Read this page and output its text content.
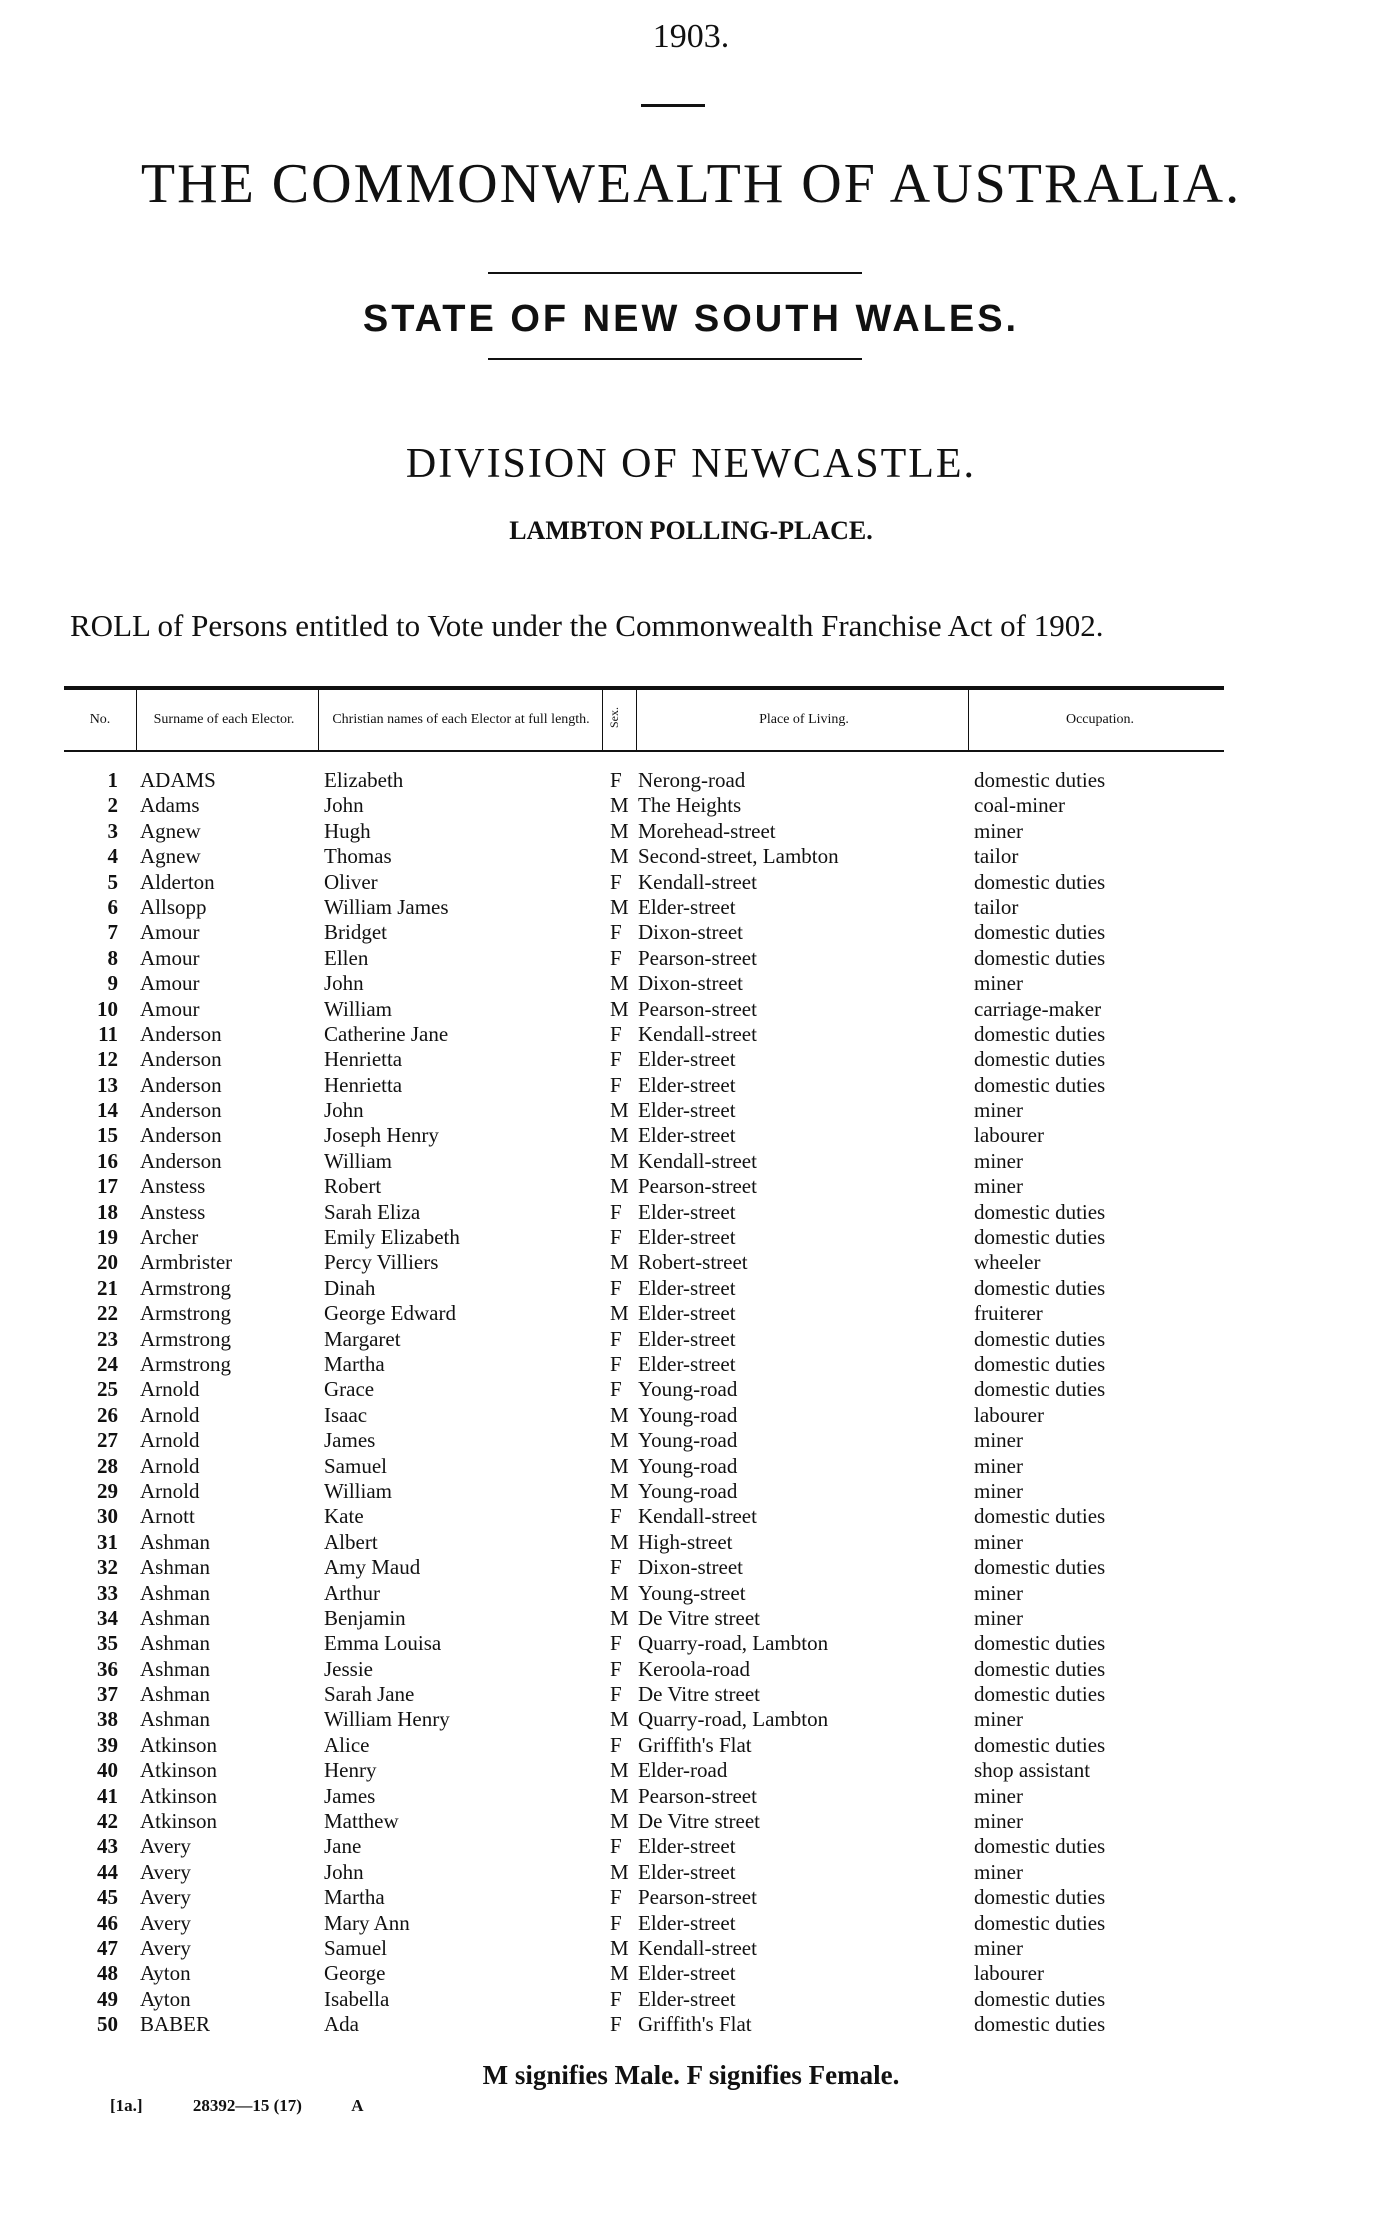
1903.
THE COMMONWEALTH OF AUSTRALIA.
STATE OF NEW SOUTH WALES.
DIVISION OF NEWCASTLE.
LAMBTON POLLING-PLACE.
ROLL of Persons entitled to Vote under the Commonwealth Franchise Act of 1902.
No.	Surname of each Elector.	Christian names of each Elector at full length.	Sex.	Place of Living.	Occupation.
1 ADAMS	Elizabeth	F Nerong-road	domestic duties
2 Adams	John	M The Heights	coal-miner
3 Agnew	Hugh	M Morehead-street	miner
4 Agnew	Thomas	M Second-street, Lambton	tailor
5 Alderton	Oliver	F Kendall-street	domestic duties
6 Allsopp	William James	M Elder-street	tailor
7 Amour	Bridget	F Dixon-street	domestic duties
8 Amour	Ellen	F Pearson-street	domestic duties
9 Amour	John	M Dixon-street	miner
10 Amour	William	M Pearson-street	carriage-maker
11 Anderson	Catherine Jane	F Kendall-street	domestic duties
12 Anderson	Henrietta	F Elder-street	domestic duties
13 Anderson	Henrietta	F Elder-street	domestic duties
14 Anderson	John	M Elder-street	miner
15 Anderson	Joseph Henry	M Elder-street	labourer
16 Anderson	William	M Kendall-street	miner
17 Anstess	Robert	M Pearson-street	miner
18 Anstess	Sarah Eliza	F Elder-street	domestic duties
19 Archer	Emily Elizabeth	F Elder-street	domestic duties
20 Armbrister	Percy Villiers	M Robert-street	wheeler
21 Armstrong	Dinah	F Elder-street	domestic duties
22 Armstrong	George Edward	M Elder-street	fruiterer
23 Armstrong	Margaret	F Elder-street	domestic duties
24 Armstrong	Martha	F Elder-street	domestic duties
25 Arnold	Grace	F Young-road	domestic duties
26 Arnold	Isaac	M Young-road	labourer
27 Arnold	James	M Young-road	miner
28 Arnold	Samuel	M Young-road	miner
29 Arnold	William	M Young-road	miner
30 Arnott	Kate	F Kendall-street	domestic duties
31 Ashman	Albert	M High-street	miner
32 Ashman	Amy Maud	F Dixon-street	domestic duties
33 Ashman	Arthur	M Young-street	miner
34 Ashman	Benjamin	M De Vitre street	miner
35 Ashman	Emma Louisa	F Quarry-road, Lambton	domestic duties
36 Ashman	Jessie	F Keroola-road	domestic duties
37 Ashman	Sarah Jane	F De Vitre street	domestic duties
38 Ashman	William Henry	M Quarry-road, Lambton	miner
39 Atkinson	Alice	F Griffith's Flat	domestic duties
40 Atkinson	Henry	M Elder-road	shop assistant
41 Atkinson	James	M Pearson-street	miner
42 Atkinson	Matthew	M De Vitre street	miner
43 Avery	Jane	F Elder-street	domestic duties
44 Avery	John	M Elder-street	miner
45 Avery	Martha	F Pearson-street	domestic duties
46 Avery	Mary Ann	F Elder-street	domestic duties
47 Avery	Samuel	M Kendall-street	miner
48 Ayton	George	M Elder-street	labourer
49 Ayton	Isabella	F Elder-street	domestic duties
50 BABER	Ada	F Griffith's Flat	domestic duties
M signifies Male. F signifies Female.
[1a.]	28392—15 (17)	A
